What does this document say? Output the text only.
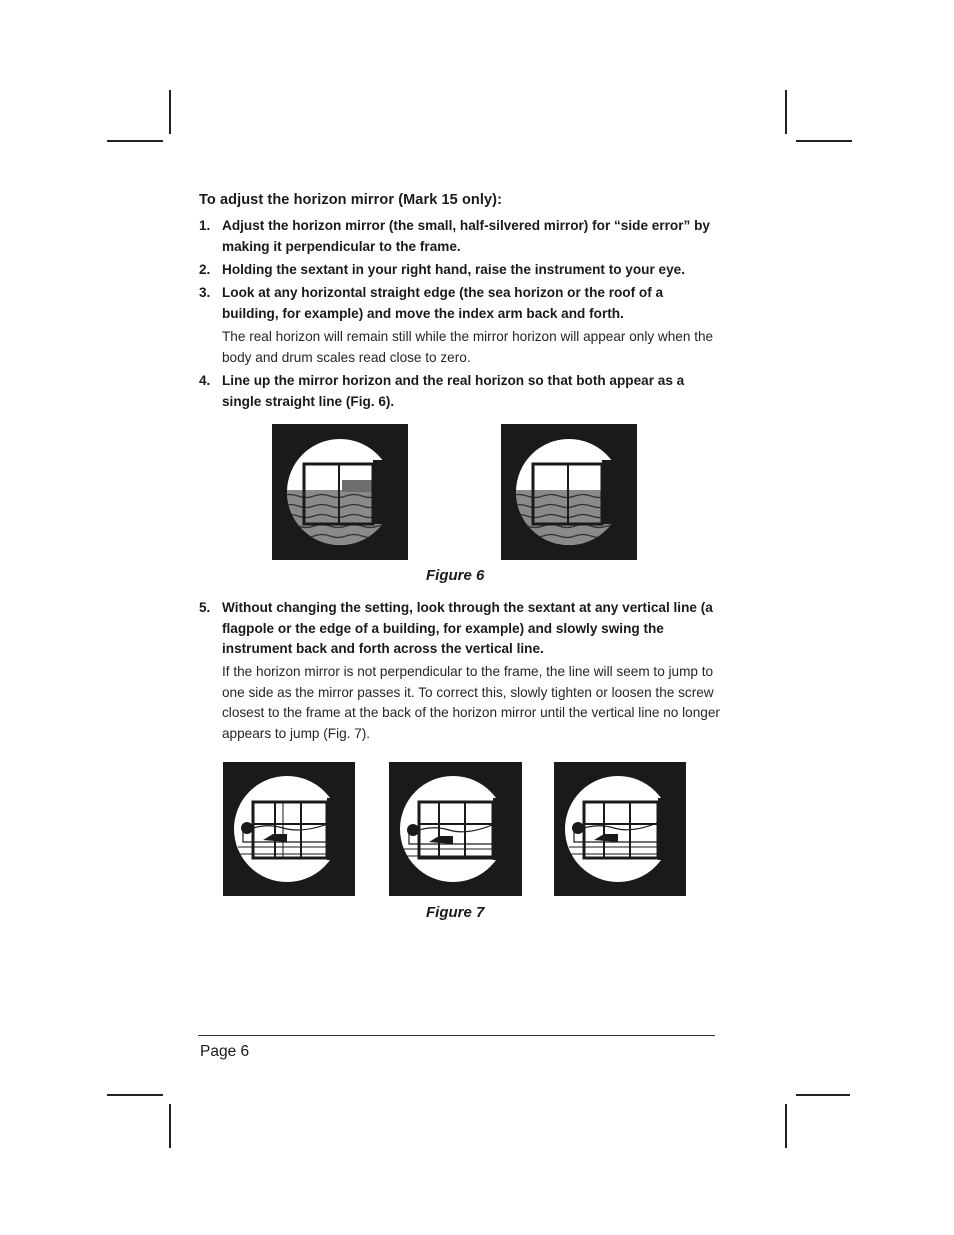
To adjust the horizon mirror (Mark 15 only):
1. Adjust the horizon mirror (the small, half-silvered mirror) for “side error” by making it perpendicular to the frame.
2. Holding the sextant in your right hand, raise the instrument to your eye.
3. Look at any horizontal straight edge (the sea horizon or the roof of a building, for example) and move the index arm back and forth.
The real horizon will remain still while the mirror horizon will appear only when the body and drum scales read close to zero.
4. Line up the mirror horizon and the real horizon so that both appear as a single straight line (Fig. 6).
Figure 6
5. Without changing the setting, look through the sextant at any vertical line (a flagpole or the edge of a building, for example) and slowly swing the instrument back and forth across the vertical line.
If the horizon mirror is not perpendicular to the frame, the line will seem to jump to one side as the mirror passes it. To correct this, slowly tighten or loosen the screw closest to the frame at the back of the horizon mirror until the vertical line no longer appears to jump (Fig. 7).
Figure 7
Page 6
